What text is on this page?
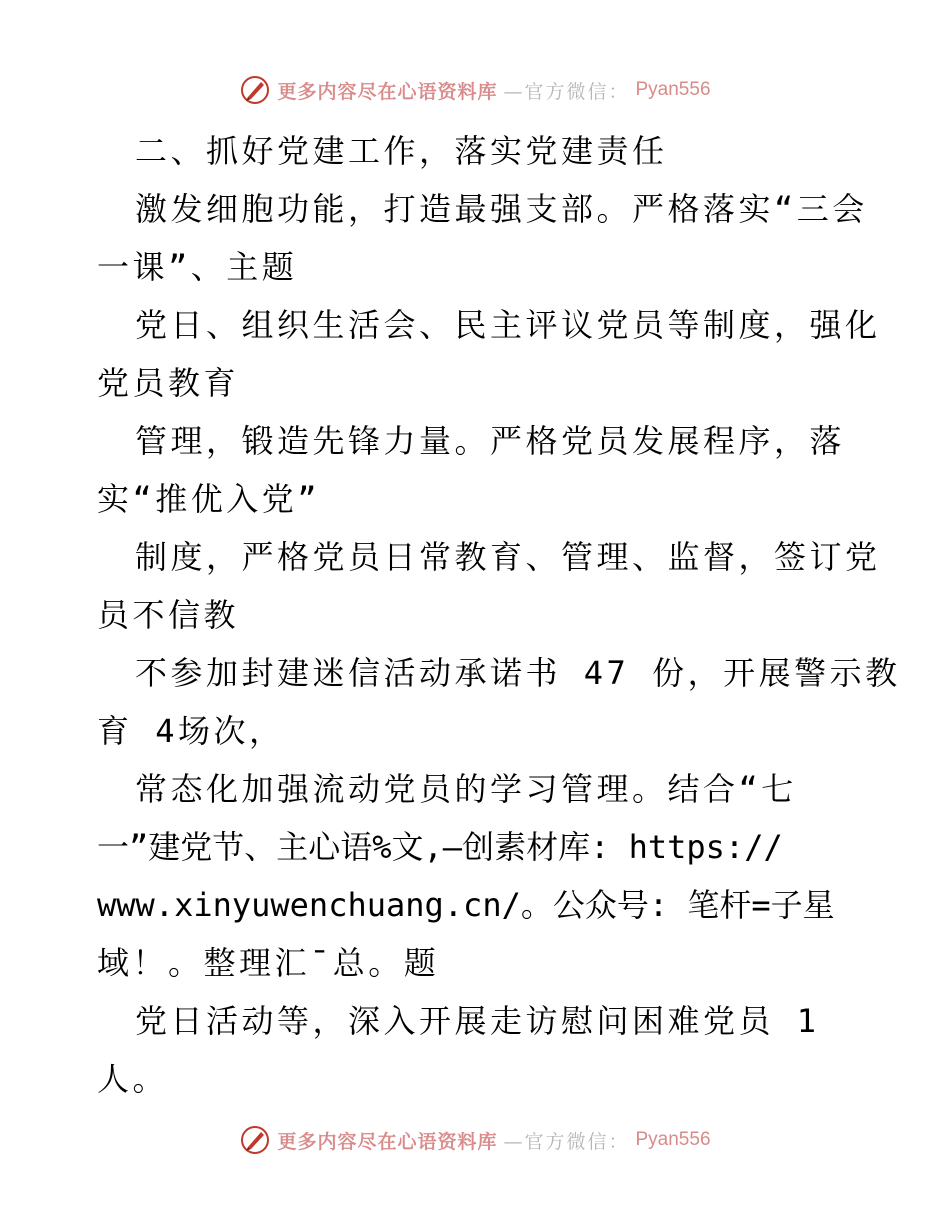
更多内容尽在心语资料库 —官方微信： Pyan556
二、抓好党建工作，落实党建责任
激发细胞功能，打造最强支部。严格落实“三会
一课”、主题
党日、组织生活会、民主评议党员等制度，强化
党员教育
管理，锻造先锋力量。严格党员发展程序，落
实“推优入党”
制度，严格党员日常教育、管理、监督，签订党
员不信教
不参加封建迷信活动承诺书 47 份，开展警示教
育 4场次，
常态化加强流动党员的学习管理。结合“七
一”建党节、主心语%文,—创素材库: https://
www.xinyuwenchuang.cn/。公众号: 笔杆=子星
域！。整理汇¯总。题
党日活动等，深入开展走访慰问困难党员 1
人。
更多内容尽在心语资料库 —官方微信： Pyan556
